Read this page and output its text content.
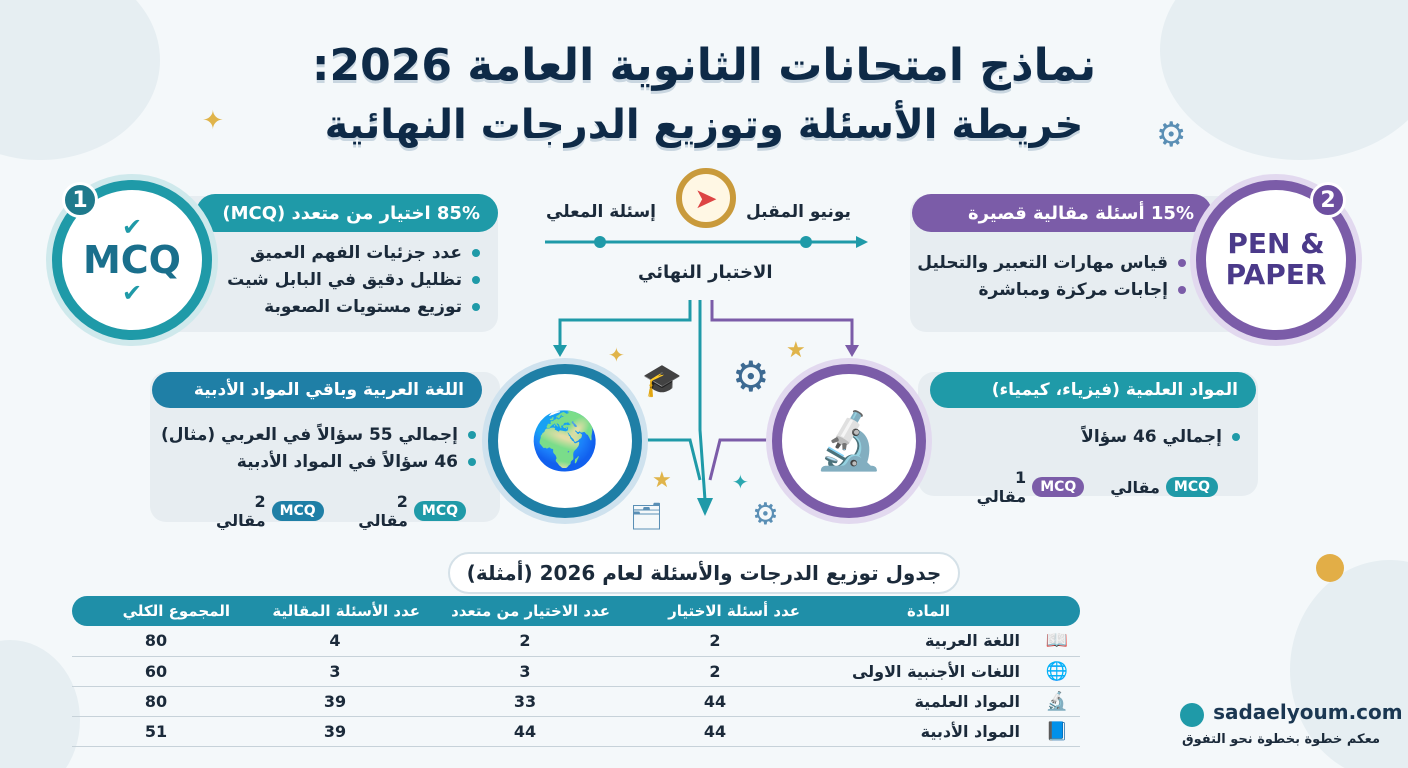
نماذج امتحانات الثانوية العامة 2026:
خريطة الأسئلة وتوزيع الدرجات النهائية
✦
✦	★
★	✦
⚙
⚙
⚙
🎓
🗂
85% اختيار من متعدد (MCQ)
عدد جزئيات الفهم العميق
تظليل دقيق في البابل شيت
توزيع مستويات الصعوبة
✔
MCQ
✔
1	إسئلة المعلي	يونيو المقبل
الاختبار النهائي
➤	15% أسئلة مقالية قصيرة
قياس مهارات التعبير والتحليل
إجابات مركزة ومباشرة
PEN &
PAPER
2
اللغة العربية وباقي المواد الأدبية
إجمالي 55 سؤالاً في العربي (مثال)
46 سؤالاً في المواد الأدبية
MCQ
2 مقالي
MCQ
2 مقالي
🌍
المواد العلمية (فيزياء، كيمياء)
إجمالي 46 سؤالاً
MCQ
مقالي
MCQ
1 مقالي
🔬
جدول توزيع الدرجات والأسئلة لعام 2026 (أمثلة)
المادة	عدد أسئلة الاختيار	عدد الاختيار من متعدد	عدد الأسئلة المقالية	المجموع الكلي

📖
اللغة العربية	2	2	4	80

🌐
اللغات الأجنبية الاولى	2	3	3	60

🔬
المواد العلمية	44	33	39	80

📘
المواد الأدبية	44	44	39	51
sadaelyoum.com
معكم خطوة بخطوة نحو التفوق
